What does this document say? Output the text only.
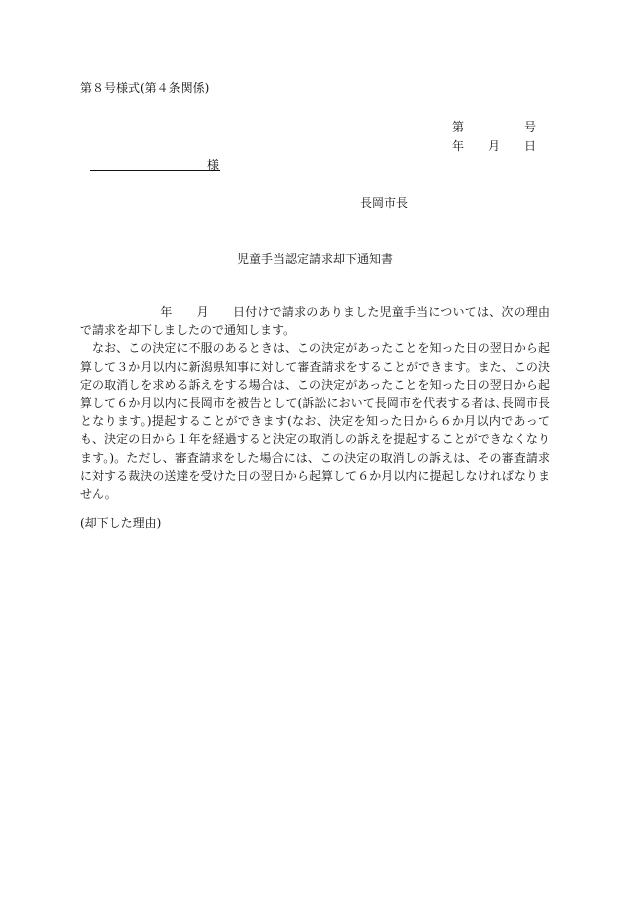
第８号様式(第４条関係)
第	号
年 月 日
様
長岡市長
児童手当認定請求却下通知書

年 月 日付けで請求のありました児童手当については、次の理由で請求を却下しましたので通知します。

なお、この決定に不服のあるときは、この決定があったことを知った日の翌日から起算して３か月以内に新潟県知事に対して審査請求をすることができます。また、この決定の取消しを求める訴えをする場合は、この決定があったことを知った日の翌日から起算して６か月以内に長岡市を被告として(訴訟において長岡市を代表する者は､長岡市長となります。)提起することができます(なお、決定を知った日から６か月以内であっても、決定の日から１年を経過すると決定の取消しの訴えを提起することができなくなります。)。ただし、審査請求をした場合には、この決定の取消しの訴えは、その審査請求に対する裁決の送達を受けた日の翌日から起算して６か月以内に提起しなければなりません。

(却下した理由)
